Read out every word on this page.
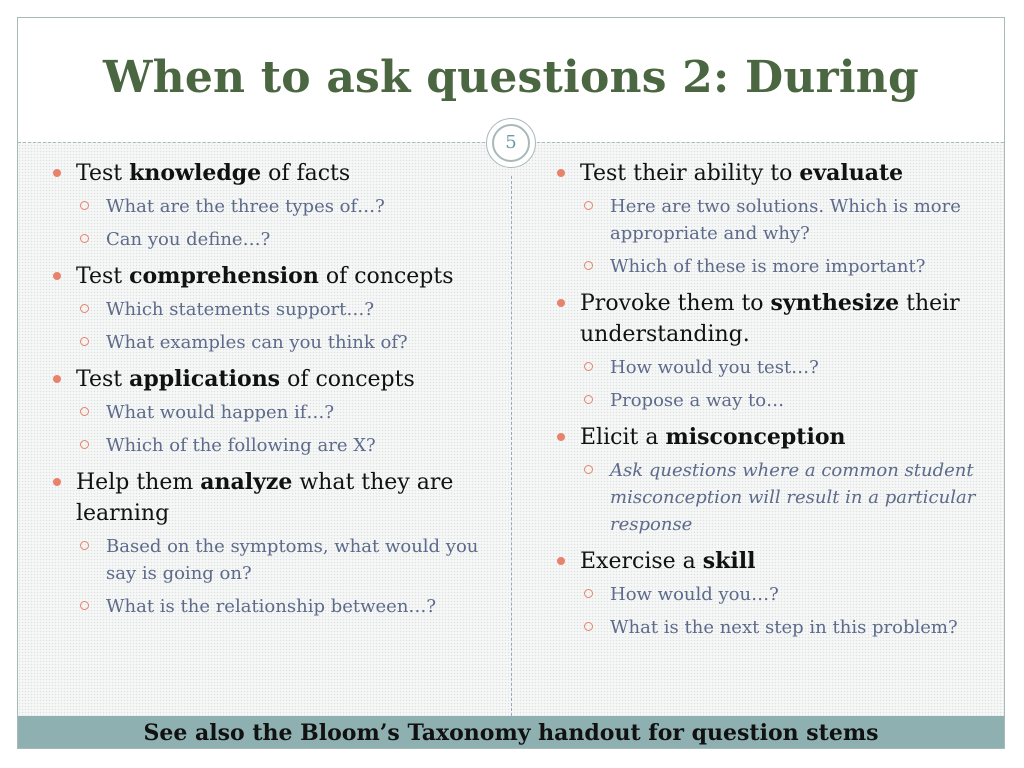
When to ask questions 2: During
5
Test knowledge of facts
What are the three types of…?
Can you define…?
Test comprehension of concepts
Which statements support…?
What examples can you think of?
Test applications of concepts
What would happen if…?
Which of the following are X?
Help them analyze what they are learning
Based on the symptoms, what would you say is going on?
What is the relationship between…?
Test their ability to evaluate
Here are two solutions. Which is more appropriate and why?
Which of these is more important?
Provoke them to synthesize their understanding.
How would you test…?
Propose a way to…
Elicit a misconception
Ask questions where a common student misconception will result in a particular response
Exercise a skill
How would you…?
What is the next step in this problem?
See also the Bloom’s Taxonomy handout for question stems
